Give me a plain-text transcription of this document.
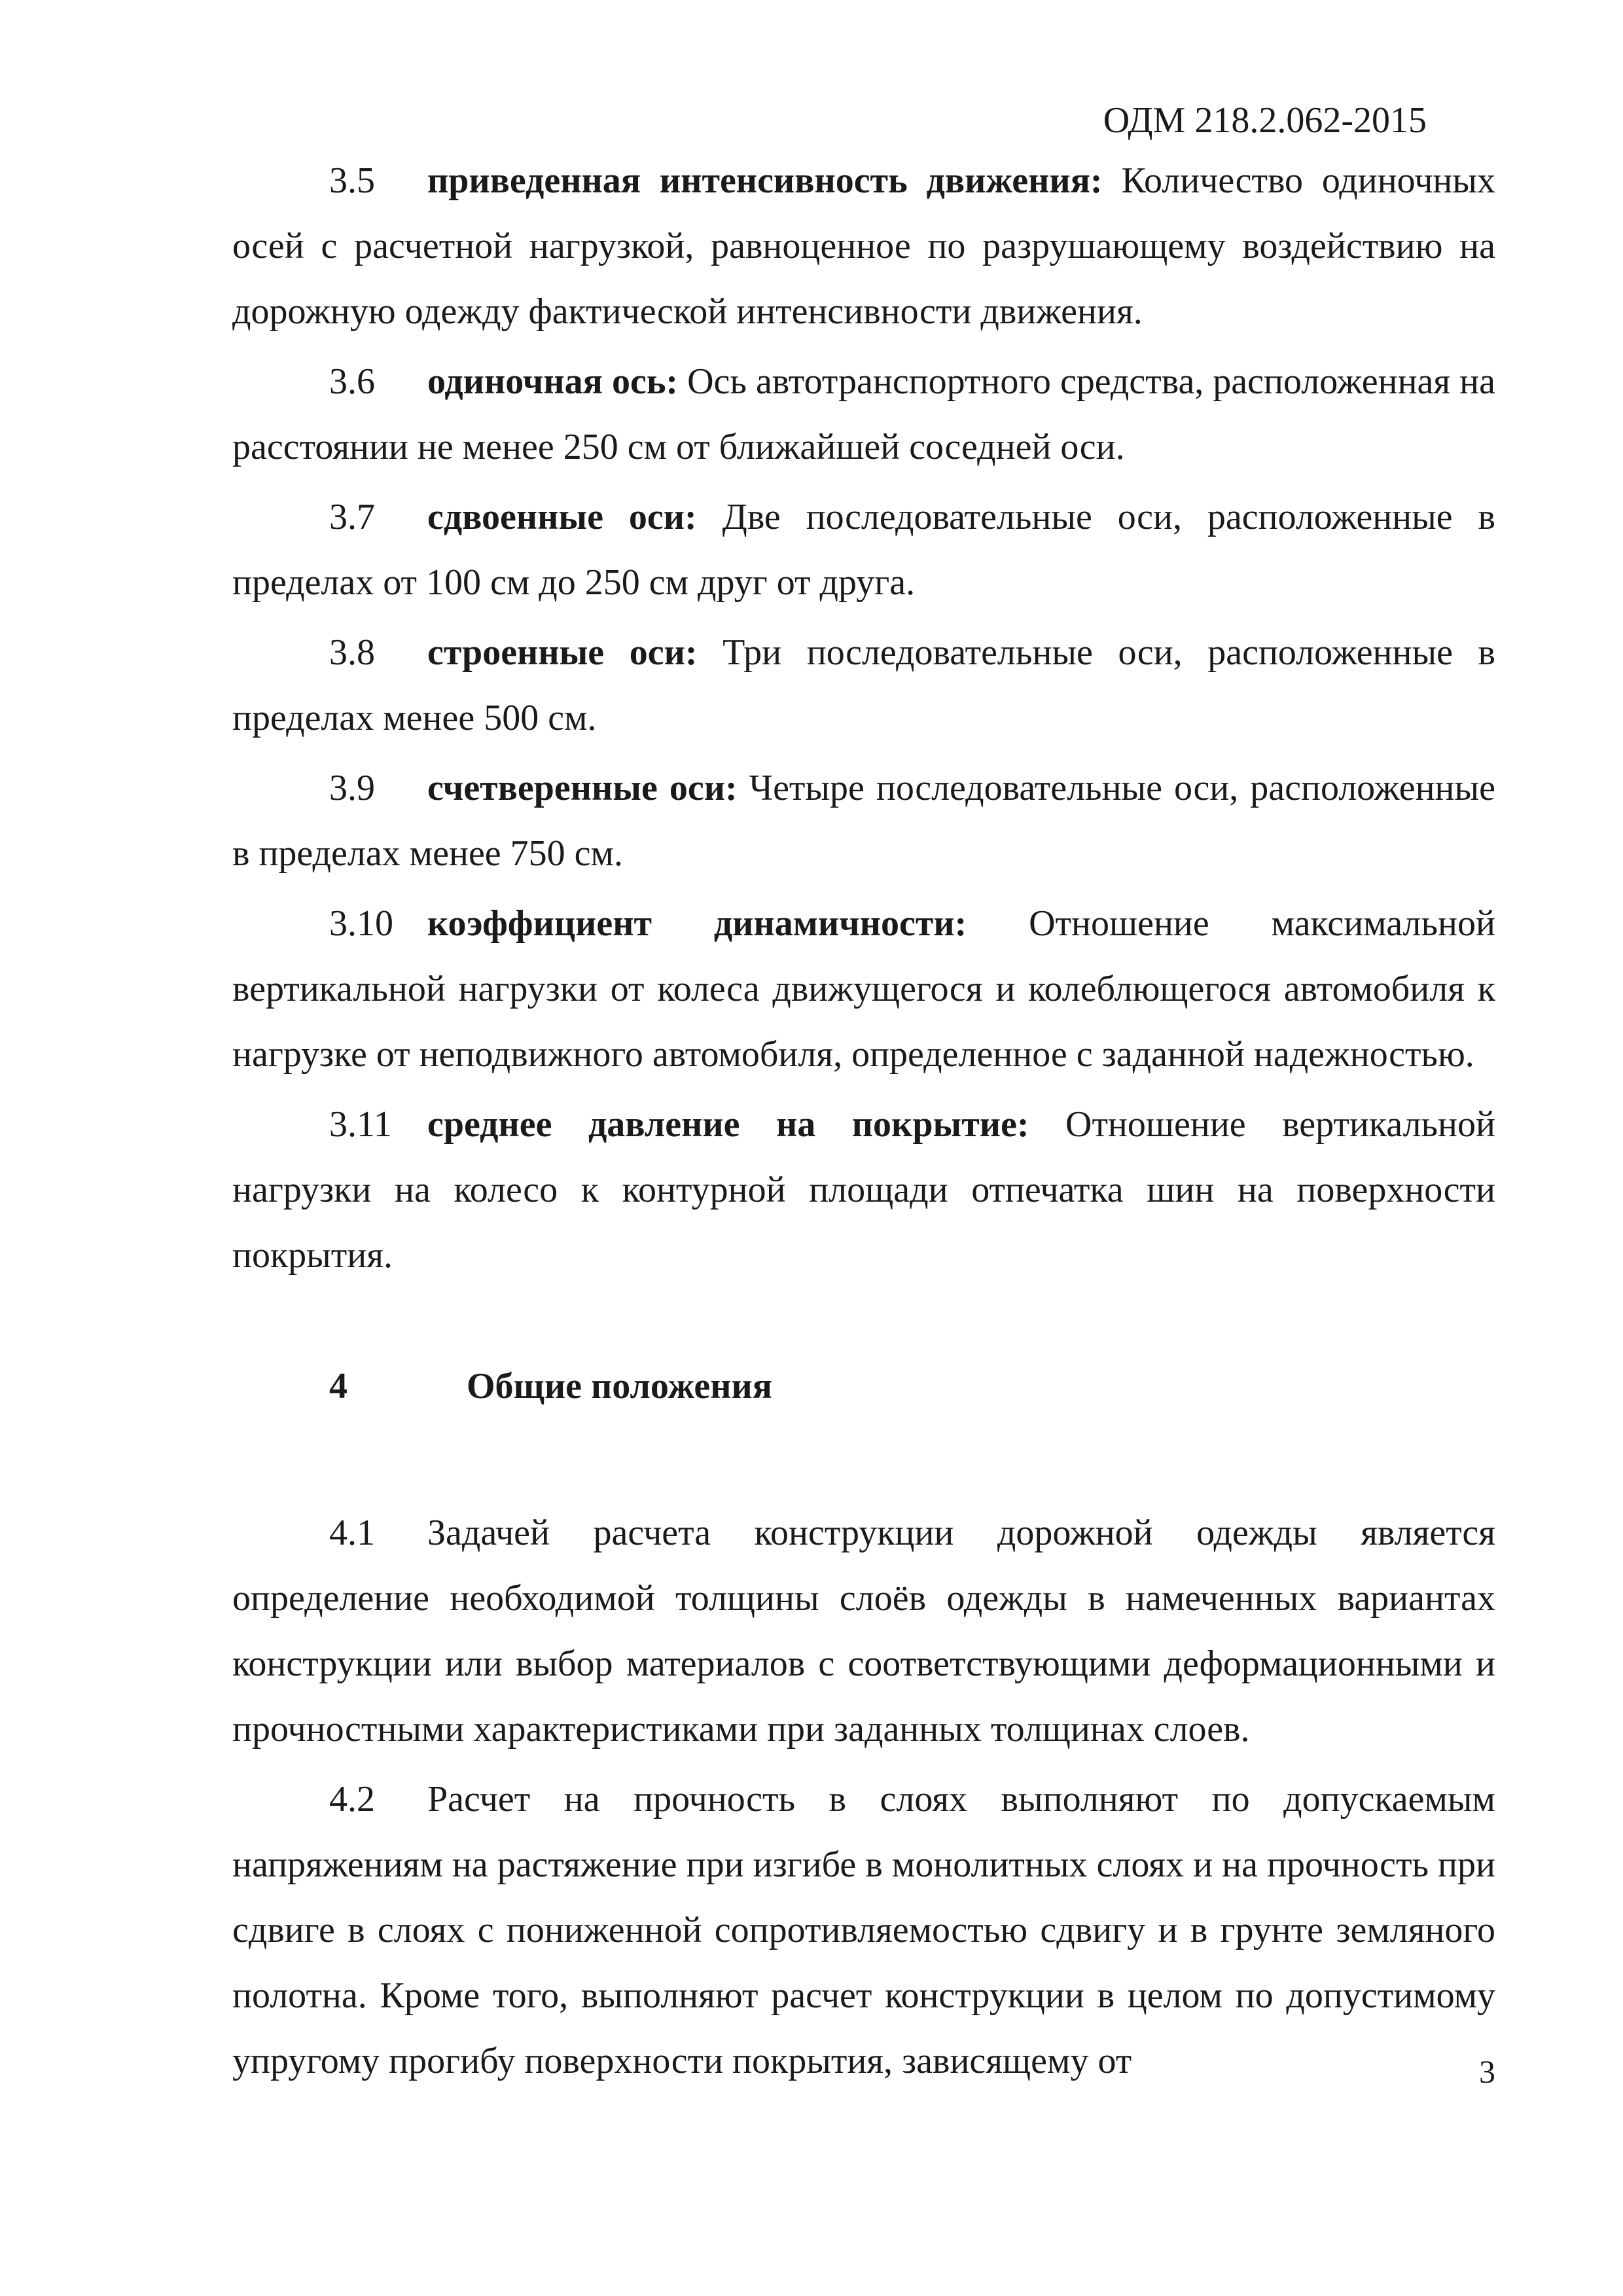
ОДМ 218.2.062-2015

3.5 приведенная интенсивность движения: Количество одиночных осей с расчетной нагрузкой, равноценное по разрушающему воздействию на дорожную одежду фактической интенсивности движения.

3.6 одиночная ось: Ось автотранспортного средства, расположенная на расстоянии не менее 250 см от ближайшей соседней оси.

3.7 сдвоенные оси: Две последовательные оси, расположенные в пределах от 100 см до 250 см друг от друга.

3.8 строенные оси: Три последовательные оси, расположенные в пределах менее 500 см.

3.9 счетверенные оси: Четыре последовательные оси, расположенные в пределах менее 750 см.

3.10 коэффициент динамичности: Отношение максимальной вертикальной нагрузки от колеса движущегося и колеблющегося автомобиля к нагрузке от неподвижного автомобиля, определенное с заданной надежностью.

3.11 среднее давление на покрытие: Отношение вертикальной нагрузки на колесо к контурной площади отпечатка шин на поверхности покрытия.

4	Общие положения

4.1 Задачей расчета конструкции дорожной одежды является определение необходимой толщины слоёв одежды в намеченных вариантах конструкции или выбор материалов с соответствующими деформационными и прочностными характеристиками при заданных толщинах слоев.

4.2 Расчет на прочность в слоях выполняют по допускаемым напряжениям на растяжение при изгибе в монолитных слоях и на прочность при сдвиге в слоях с пониженной сопротивляемостью сдвигу и в грунте земляного полотна. Кроме того, выполняют расчет конструкции в целом по допустимому упругому прогибу поверхности покрытия, зависящему от	3
